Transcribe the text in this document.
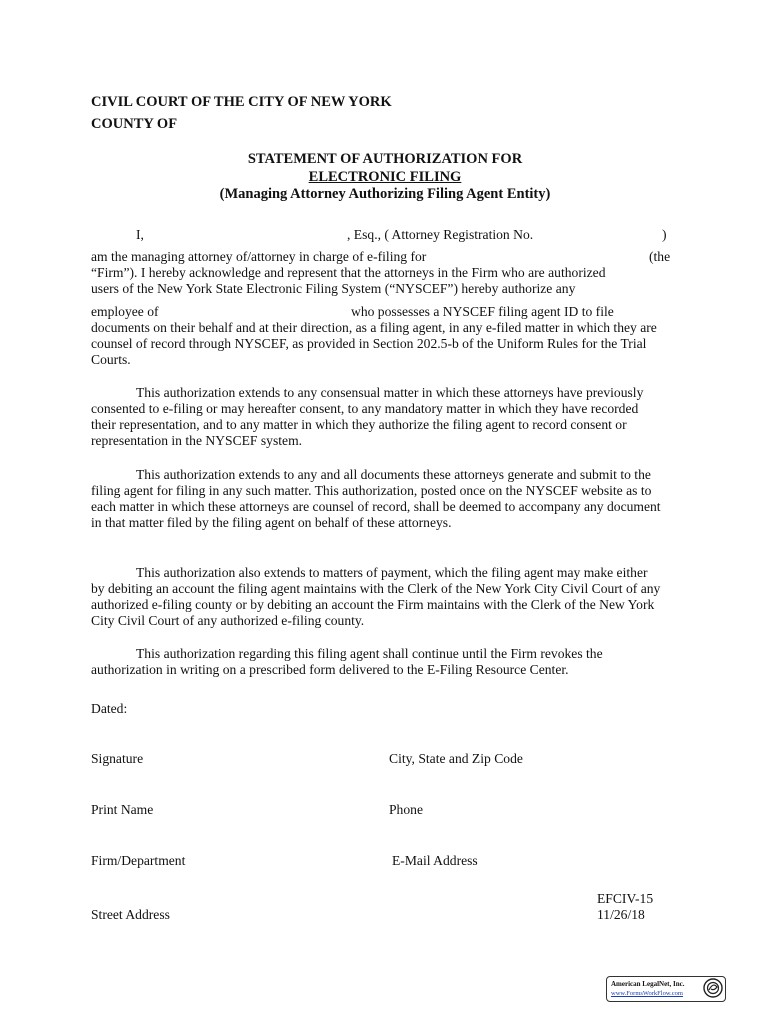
CIVIL COURT OF THE CITY OF NEW YORK
COUNTY OF
STATEMENT OF AUTHORIZATION FOR
ELECTRONIC FILING
(Managing Attorney Authorizing Filing Agent Entity)
I,	, Esq., ( Attorney Registration No.	)
am the managing attorney of/attorney in charge of e-filing for	(the
“Firm”). I hereby acknowledge and represent that the attorneys in the Firm who are authorized
users of the New York State Electronic Filing System (“NYSCEF”) hereby authorize any
employee of	who possesses a NYSCEF filing agent ID to file
documents on their behalf and at their direction, as a filing agent, in any e-filed matter in which they are counsel of record through NYSCEF, as provided in Section 202.5-b of the Uniform Rules for the Trial Courts.
This authorization extends to any consensual matter in which these attorneys have previously consented to e-filing or may hereafter consent, to any mandatory matter in which they have recorded their representation, and to any matter in which they authorize the filing agent to record consent or representation in the NYSCEF system.
This authorization extends to any and all documents these attorneys generate and submit to the filing agent for filing in any such matter. This authorization, posted once on the NYSCEF website as to each matter in which these attorneys are counsel of record, shall be deemed to accompany any document in that matter filed by the filing agent on behalf of these attorneys.
This authorization also extends to matters of payment, which the filing agent may make either by debiting an account the filing agent maintains with the Clerk of the New York City Civil Court of any authorized e-filing county or by debiting an account the Firm maintains with the Clerk of the New York City Civil Court of any authorized e-filing county.
This authorization regarding this filing agent shall continue until the Firm revokes the authorization in writing on a prescribed form delivered to the E-Filing Resource Center.
Dated:
Signature	City, State and Zip Code
Print Name	Phone
Firm/Department	E-Mail Address
Street Address
EFCIV-15
11/26/18
American LegalNet, Inc.
www.FormsWorkFlow.com
